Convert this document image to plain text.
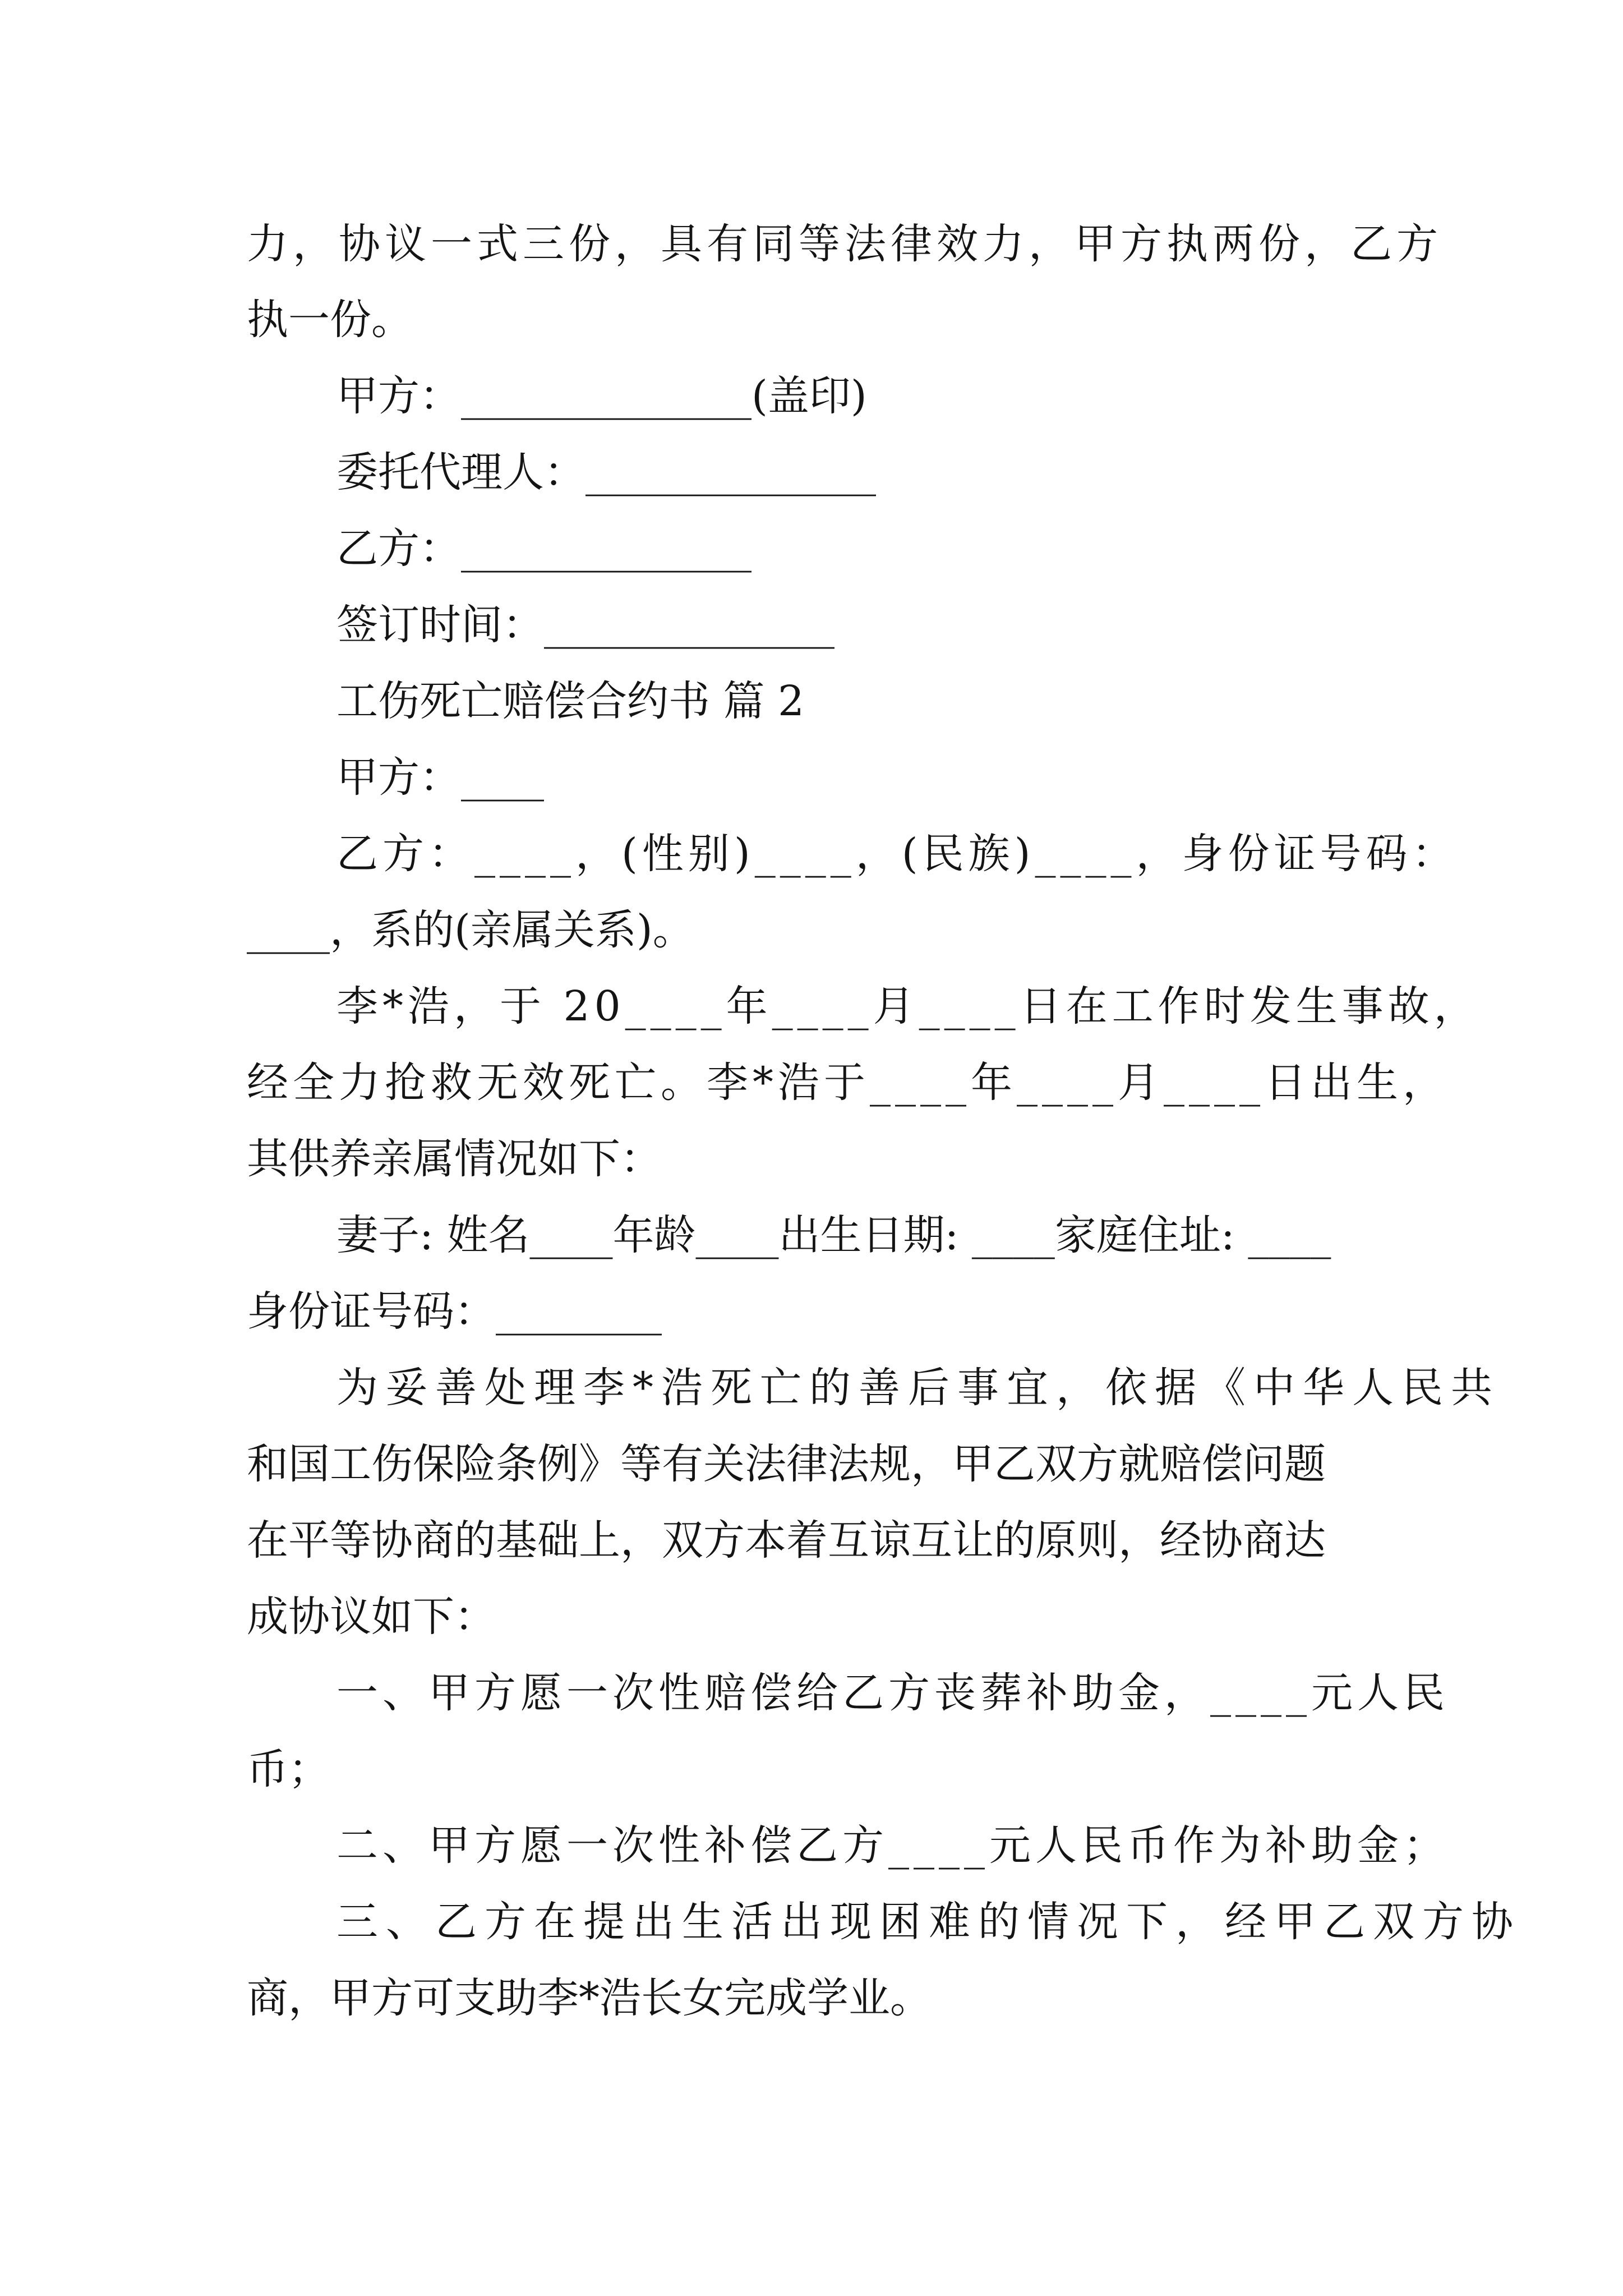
力，协议一式三份，具有同等法律效力，甲方执两份，乙方
执一份。
甲方：______________(盖印)
委托代理人：______________
乙方：______________
签订时间：______________
工伤死亡赔偿合约书 篇 2
甲方：____
乙方：____，(性别)____，(民族)____，身份证号码：
____，系的(亲属关系)。
李*浩，于 20____年____月____日在工作时发生事故，
经全力抢救无效死亡。李*浩于____年____月____日出生，
其供养亲属情况如下：
妻子: 姓名____年龄____出生日期: ____家庭住址: ____
身份证号码：________
为妥善处理李*浩死亡的善后事宜，依据《中华人民共
和国工伤保险条例》等有关法律法规，甲乙双方就赔偿问题
在平等协商的基础上，双方本着互谅互让的原则，经协商达
成协议如下：
一、甲方愿一次性赔偿给乙方丧葬补助金，____元人民
币；
二、甲方愿一次性补偿乙方____元人民币作为补助金；
三、乙方在提出生活出现困难的情况下，经甲乙双方协
商，甲方可支助李*浩长女完成学业。
